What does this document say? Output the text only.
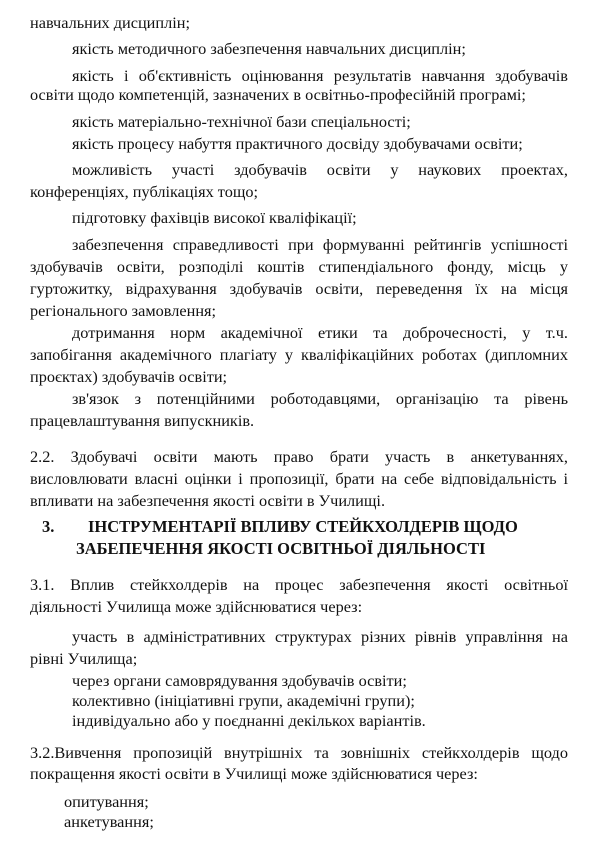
навчальних дисциплін;
якість методичного забезпечення навчальних дисциплін;
якість і об'єктивність оцінювання результатів навчання здобувачів
освіти щодо компетенцій, зазначених в освітньо-професійній програмі;
якість матеріально-технічної бази спеціальності;
якість процесу набуття практичного досвіду здобувачами освіти;
можливість участі здобувачів освіти у наукових проектах,
конференціях, публікаціях тощо;
підготовку фахівців високої кваліфікації;
забезпечення справедливості при формуванні рейтингів успішності
здобувачів освіти, розподілі коштів стипендіального фонду, місць у
гуртожитку, відрахування здобувачів освіти, переведення їх на місця
регіонального замовлення;
дотримання норм академічної етики та доброчесності, у т.ч.
запобігання академічного плагіату у кваліфікаційних роботах (дипломних
проєктах) здобувачів освіти;
зв'язок з потенційними роботодавцями, організацію та рівень
працевлаштування випускників.
2.2. Здобувачі освіти мають право брати участь в анкетуваннях,
висловлювати власні оцінки і пропозиції, брати на себе відповідальність і
впливати на забезпечення якості освіти в Училищі.
3. ІНСТРУМЕНТАРІЇ ВПЛИВУ СТЕЙКХОЛДЕРІВ ЩОДО
ЗАБЕПЕЧЕННЯ ЯКОСТІ ОСВІТНЬОЇ ДІЯЛЬНОСТІ
3.1. Вплив стейкхолдерів на процес забезпечення якості освітньої
діяльності Училища може здійснюватися через:
участь в адміністративних структурах різних рівнів управління на
рівні Училища;
через органи самоврядування здобувачів освіти;
колективно (ініціативні групи, академічні групи);
індивідуально або у поєднанні декількох варіантів.
3.2.Вивчення пропозицій внутрішніх та зовнішніх стейкхолдерів щодо
покращення якості освіти в Училищі може здійснюватися через:
опитування;
анкетування;
